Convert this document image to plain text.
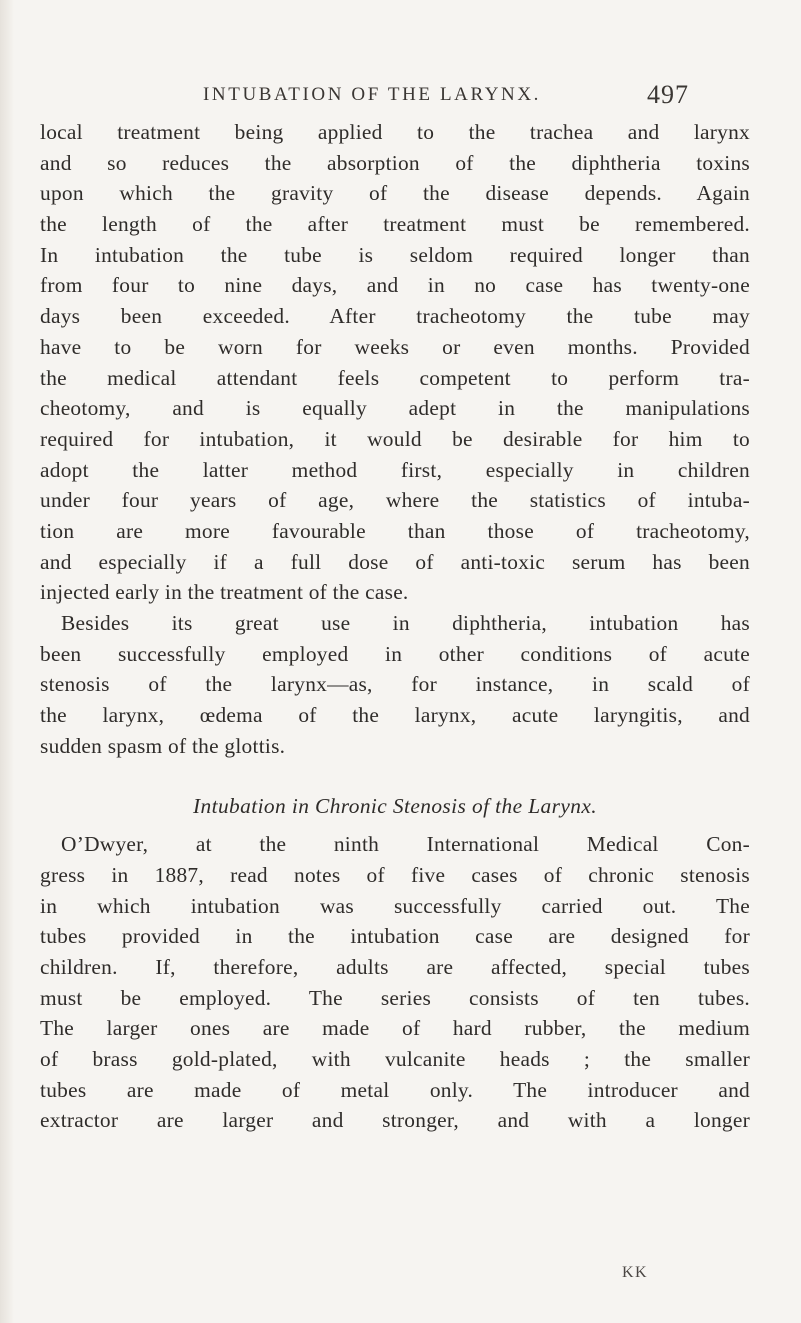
INTUBATION OF THE LARYNX.	497
local treatment being applied to the trachea and larynx
and so reduces the absorption of the diphtheria toxins
upon which the gravity of the disease depends. Again
the length of the after treatment must be remembered.
In intubation the tube is seldom required longer than
from four to nine days, and in no case has twenty-one
days been exceeded. After tracheotomy the tube may
have to be worn for weeks or even months. Provided
the medical attendant feels competent to perform tra-
cheotomy, and is equally adept in the manipulations
required for intubation, it would be desirable for him to
adopt the latter method first, especially in children
under four years of age, where the statistics of intuba-
tion are more favourable than those of tracheotomy,
and especially if a full dose of anti-toxic serum has been
injected early in the treatment of the case.
Besides its great use in diphtheria, intubation has
been successfully employed in other conditions of acute
stenosis of the larynx—as, for instance, in scald of
the larynx, œdema of the larynx, acute laryngitis, and
sudden spasm of the glottis.
Intubation in Chronic Stenosis of the Larynx.
O’Dwyer, at the ninth International Medical Con-
gress in 1887, read notes of five cases of chronic stenosis
in which intubation was successfully carried out. The
tubes provided in the intubation case are designed for
children. If, therefore, adults are affected, special tubes
must be employed. The series consists of ten tubes.
The larger ones are made of hard rubber, the medium
of brass gold-plated, with vulcanite heads ; the smaller
tubes are made of metal only. The introducer and
extractor are larger and stronger, and with a longer
KK
